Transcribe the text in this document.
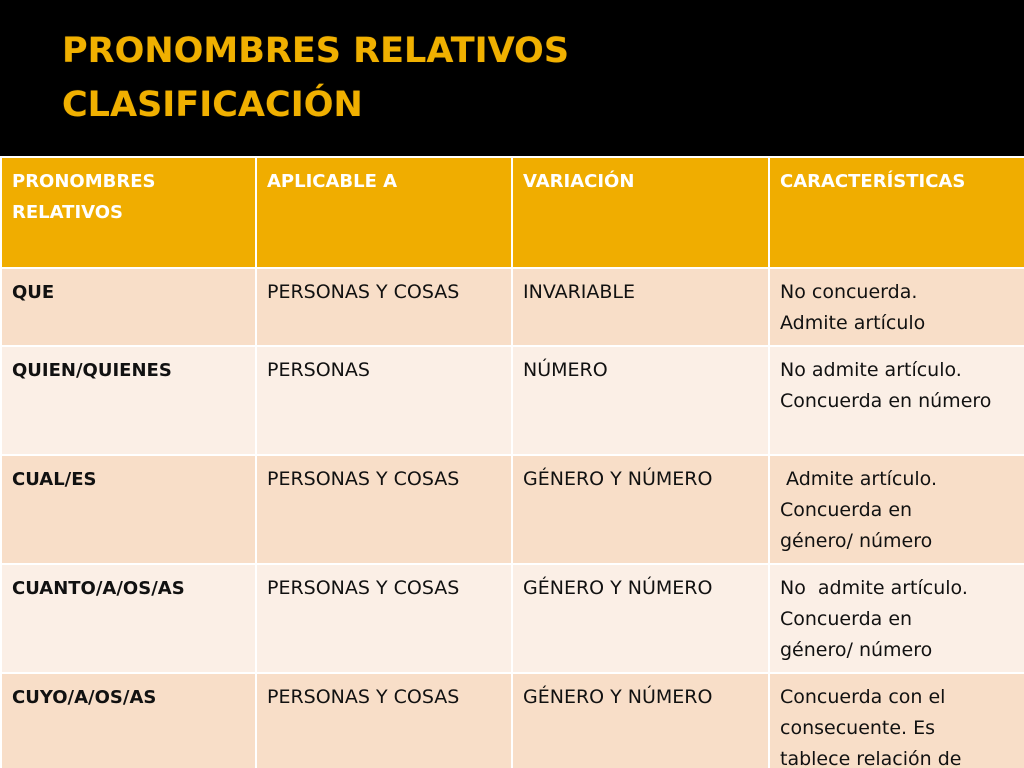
PRONOMBRES RELATIVOS
CLASIFICACIÓN
PRONOMBRES RELATIVOS	APLICABLE A	VARIACIÓN	CARACTERÍSTICAS

QUE	PERSONAS Y COSAS	INVARIABLE	No concuerda.
Admite artículo

QUIEN/QUIENES	PERSONAS	NÚMERO	No admite artículo.
Concuerda en número

CUAL/ES	PERSONAS Y COSAS	GÉNERO Y NÚMERO	Admite artículo.
Concuerda en
género/ número

CUANTO/A/OS/AS	PERSONAS Y COSAS	GÉNERO Y NÚMERO	No  admite artículo.
Concuerda en
género/ número

CUYO/A/OS/AS	PERSONAS Y COSAS	GÉNERO Y NÚMERO	Concuerda con el
consecuente. Es
tablece relación de
